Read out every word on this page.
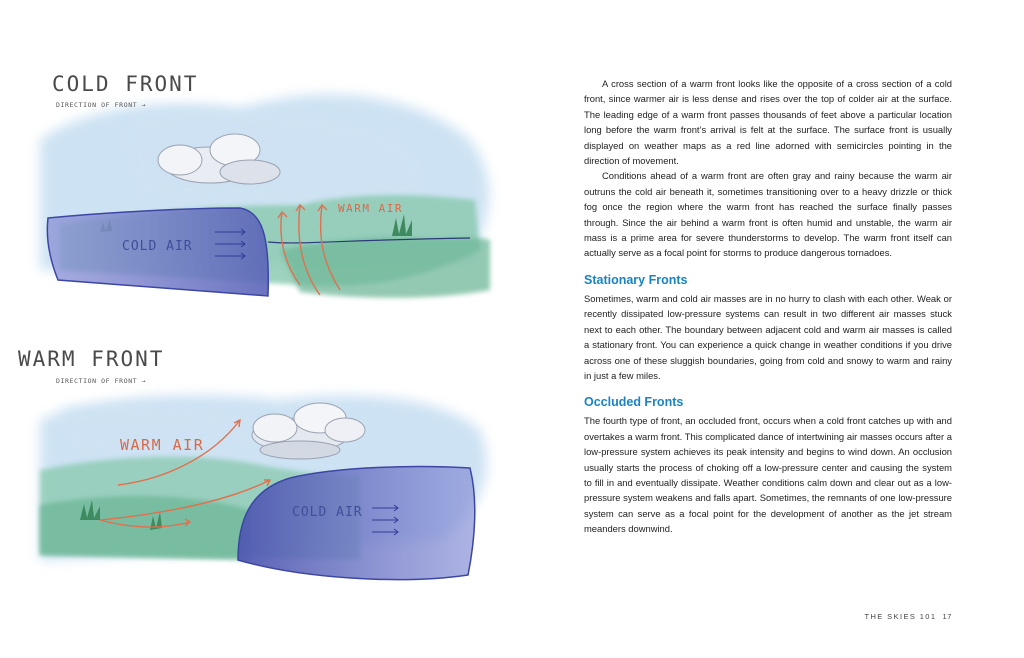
COLD FRONT
DIRECTION OF FRONT →
COLD AIR
WARM AIR
WARM FRONT
DIRECTION OF FRONT →
WARM AIR
COLD AIR

A cross section of a warm front looks like the opposite of a cross section of a cold front, since warmer air is less dense and rises over the top of colder air at the surface. The leading edge of a warm front passes thousands of feet above a particular location long before the warm front’s arrival is felt at the surface. The surface front is usually displayed on weather maps as a red line adorned with semicircles pointing in the direction of movement.

Conditions ahead of a warm front are often gray and rainy because the warm air outruns the cold air beneath it, sometimes transitioning over to a heavy drizzle or thick fog once the region where the warm front has reached the surface finally passes through. Since the air behind a warm front is often humid and unstable, the warm air mass is a prime area for severe thunderstorms to develop. The warm front itself can actually serve as a focal point for storms to produce dangerous tornadoes.

Stationary Fronts

Sometimes, warm and cold air masses are in no hurry to clash with each other. Weak or recently dissipated low-pressure systems can result in two different air masses stuck next to each other. The boundary between adjacent cold and warm air masses is called a stationary front. You can experience a quick change in weather conditions if you drive across one of these sluggish boundaries, going from cold and snowy to warm and rainy in just a few miles.

Occluded Fronts

The fourth type of front, an occluded front, occurs when a cold front catches up with and overtakes a warm front. This complicated dance of intertwining air masses occurs after a low-pressure system achieves its peak intensity and begins to wind down. An occlusion usually starts the process of choking off a low-pressure center and causing the system to fill in and eventually dissipate. Weather conditions calm down and clear out as a low-pressure system weakens and falls apart. Sometimes, the remnants of one low-pressure system can serve as a focal point for the development of another as the jet stream meanders downwind.

THE SKIES 101 17
